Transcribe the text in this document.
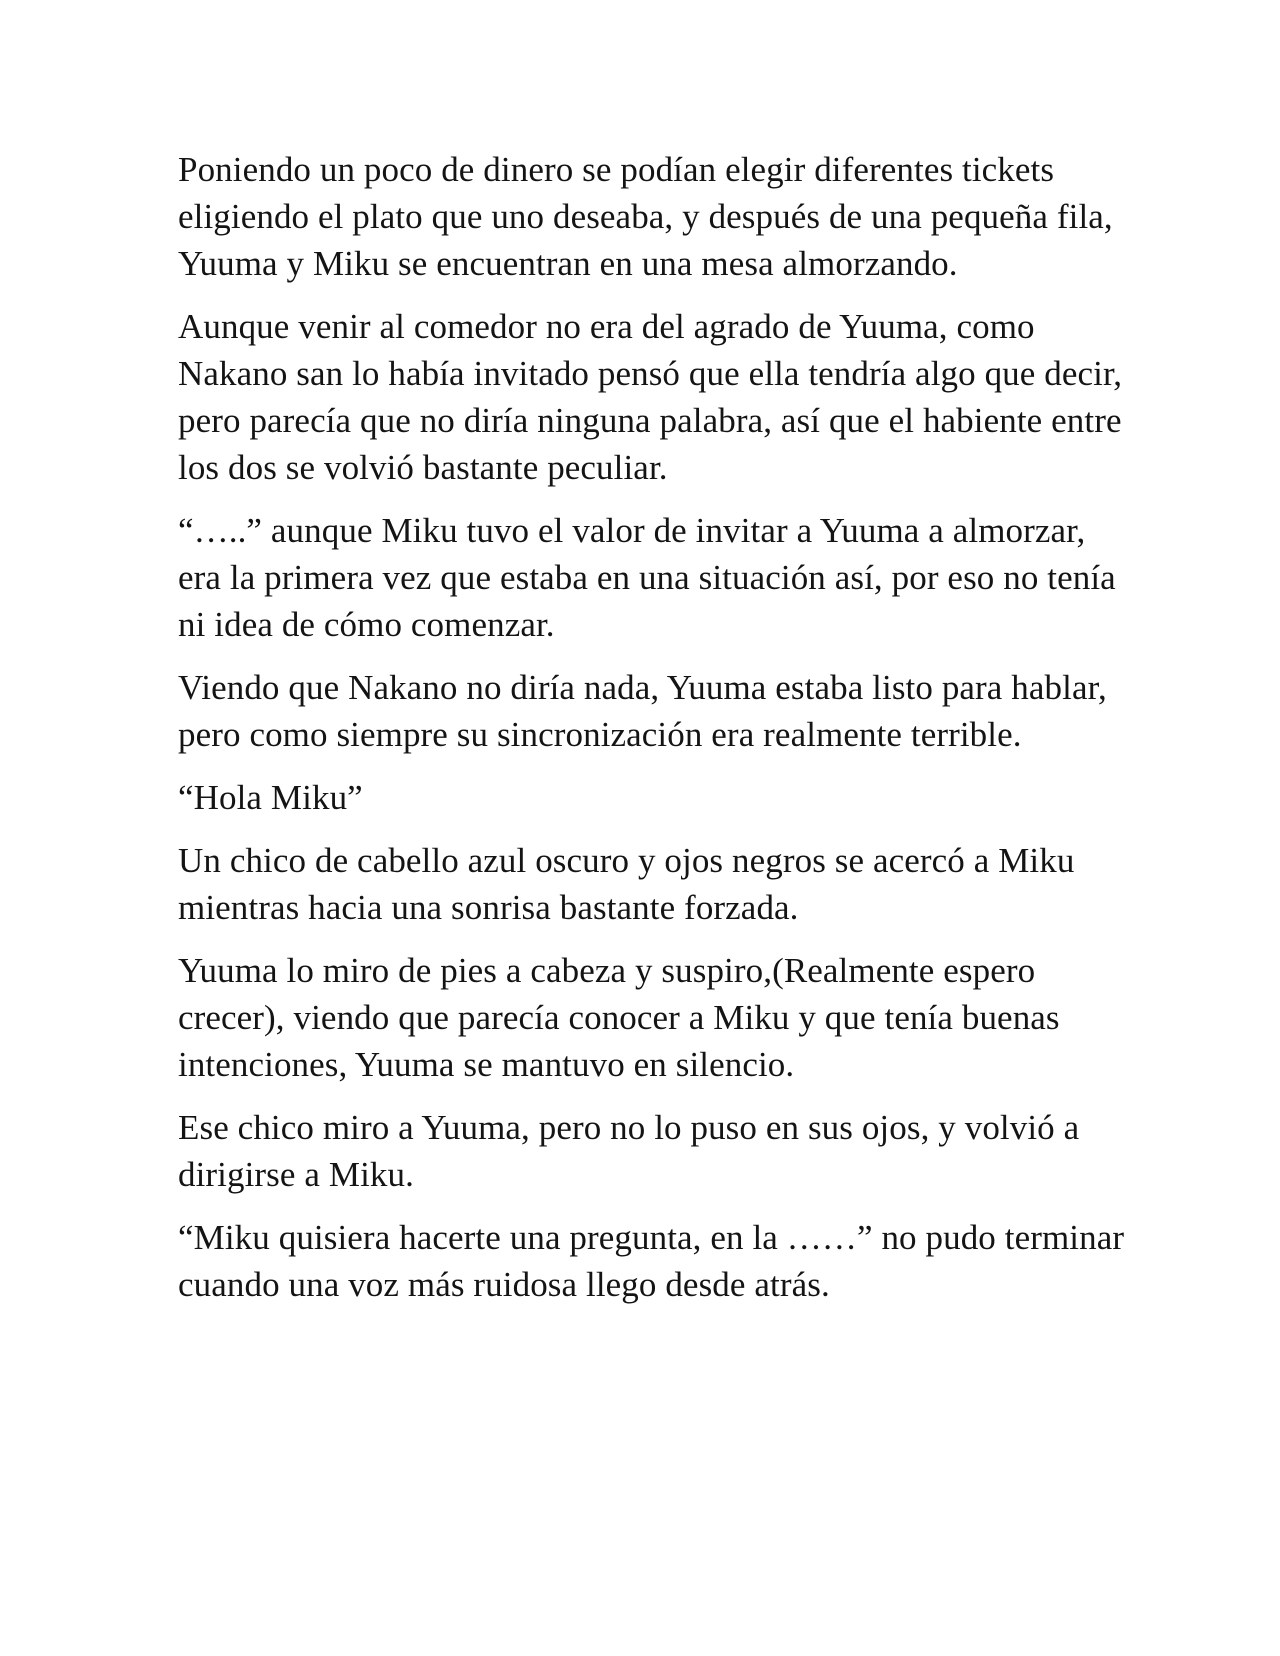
Poniendo un poco de dinero se podían elegir diferentes tickets eligiendo el plato que uno deseaba, y después de una pequeña fila, Yuuma y Miku se encuentran en una mesa almorzando.

Aunque venir al comedor no era del agrado de Yuuma, como Nakano san lo había invitado pensó que ella tendría algo que decir, pero parecía que no diría ninguna palabra, así que el habiente entre los dos se volvió bastante peculiar.

“…..” aunque Miku tuvo el valor de invitar a Yuuma a almorzar, era la primera vez que estaba en una situación así, por eso no tenía ni idea de cómo comenzar.

Viendo que Nakano no diría nada, Yuuma estaba listo para hablar, pero como siempre su sincronización era realmente terrible.

“Hola Miku”

Un chico de cabello azul oscuro y ojos negros se acercó a Miku mientras hacia una sonrisa bastante forzada.

Yuuma lo miro de pies a cabeza y suspiro,(Realmente espero crecer), viendo que parecía conocer a Miku y que tenía buenas intenciones, Yuuma se mantuvo en silencio.

Ese chico miro a Yuuma, pero no lo puso en sus ojos, y volvió a dirigirse a Miku.

“Miku quisiera hacerte una pregunta, en la ……” no pudo terminar cuando una voz más ruidosa llego desde atrás.
